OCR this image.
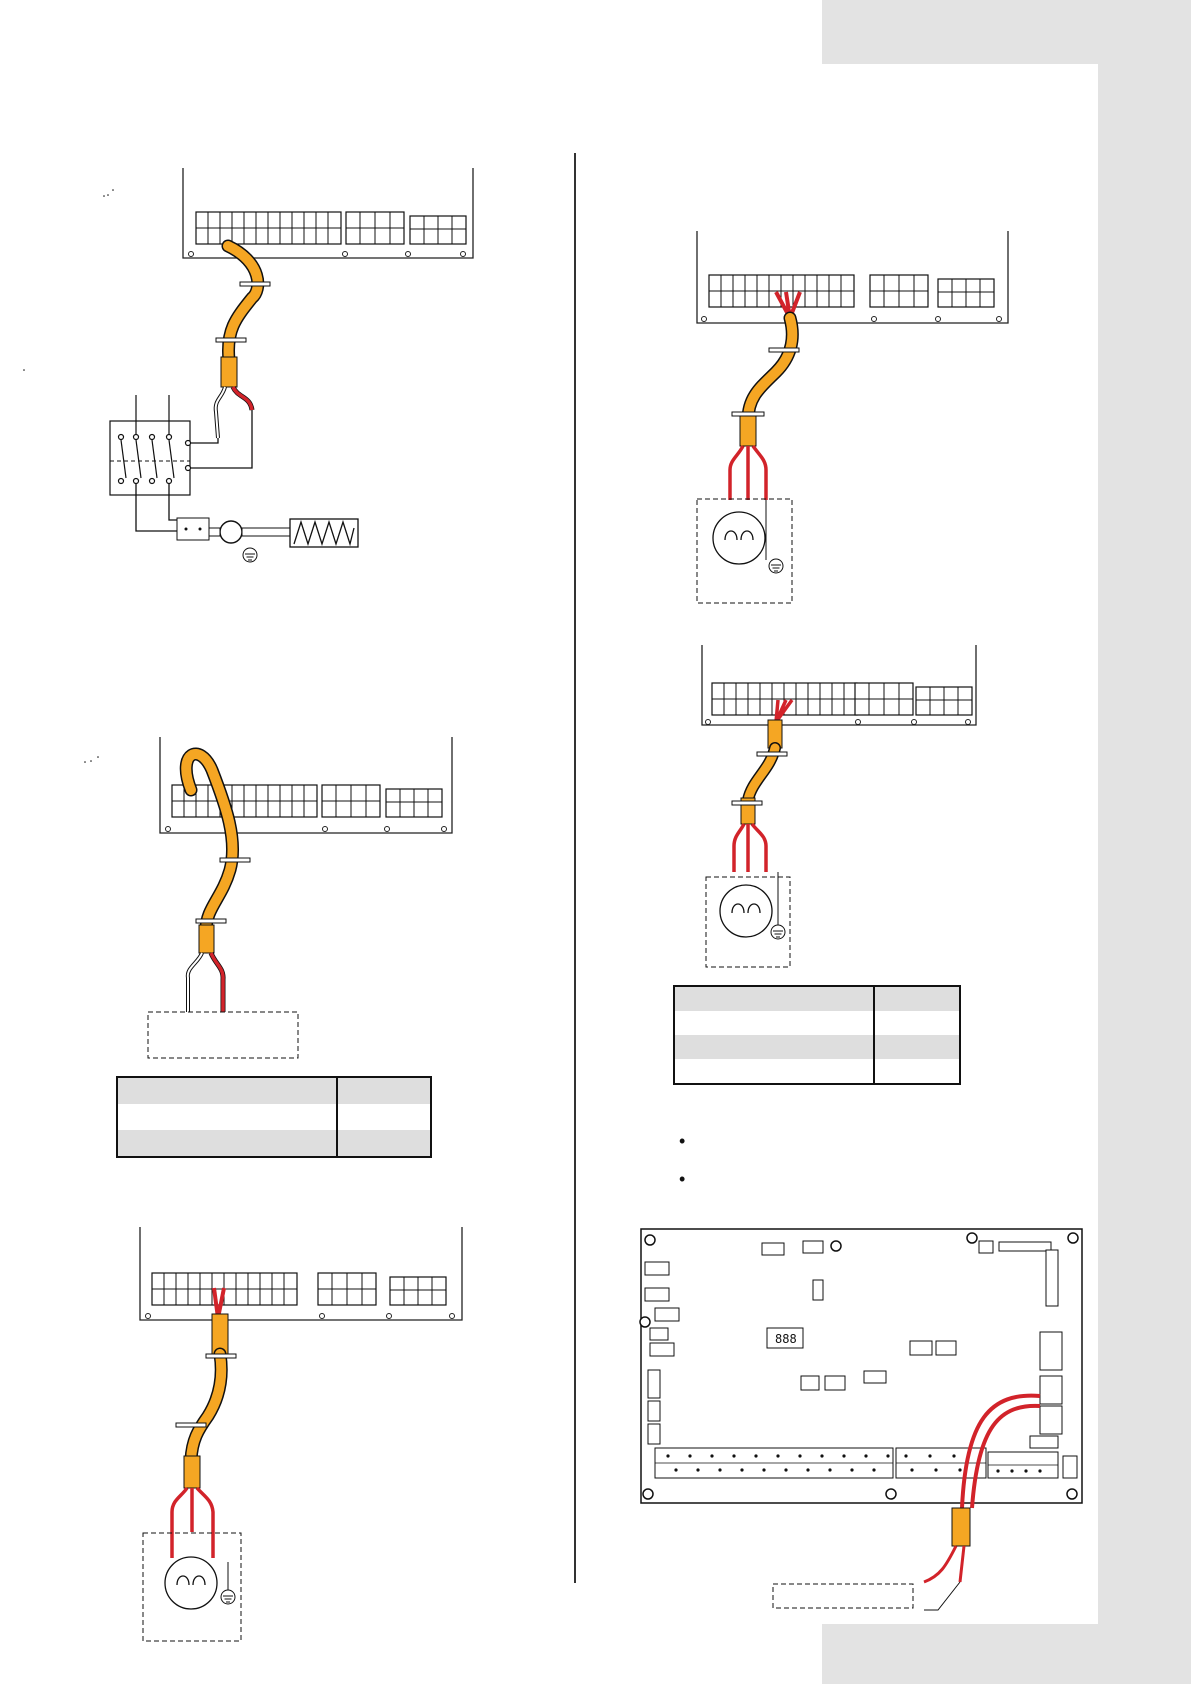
888

•
•
